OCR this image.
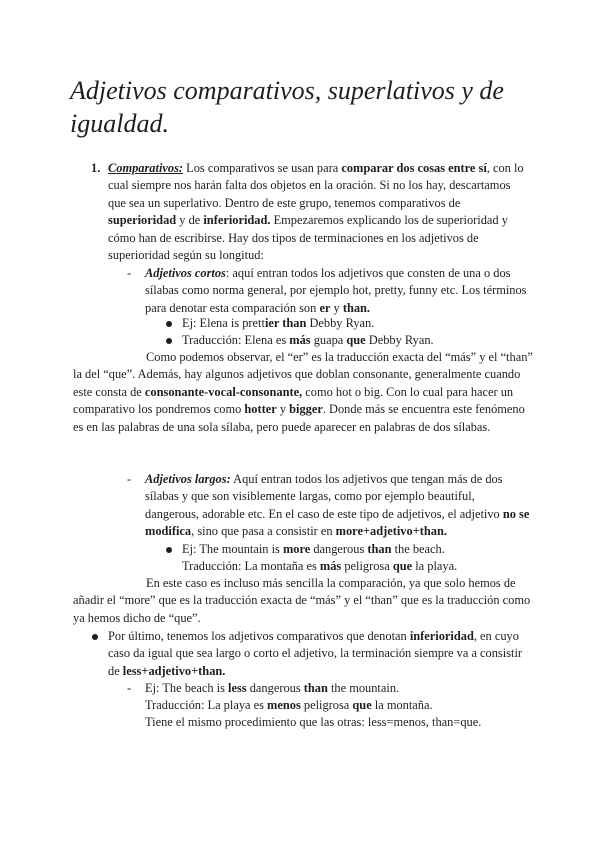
Adjetivos comparativos, superlativos y de igualdad.
1. Comparativos: Los comparativos se usan para comparar dos cosas entre sí, con lo cual siempre nos harán falta dos objetos en la oración. Si no los hay, descartamos que sea un superlativo. Dentro de este grupo, tenemos comparativos de superioridad y de inferioridad. Empezaremos explicando los de superioridad y cómo han de escribirse. Hay dos tipos de terminaciones en los adjetivos de superioridad según su longitud:

- Adjetivos cortos: aquí entran todos los adjetivos que consten de una o dos sílabas como norma general, por ejemplo hot, pretty, funny etc. Los términos para denotar esta comparación son er y than.

Ej: Elena is prettier than Debby Ryan.

Traducción: Elena es más guapa que Debby Ryan.

Como podemos observar, el “er” es la traducción exacta del “más” y el “than” la del “que”. Además, hay algunos adjetivos que doblan consonante, generalmente cuando este consta de consonante-vocal-consonante, como hot o big. Con lo cual para hacer un comparativo los pondremos como hotter y bigger. Donde más se encuentra este fenómeno es en las palabras de una sola sílaba, pero puede aparecer en palabras de dos sílabas.

- Adjetivos largos: Aquí entran todos los adjetivos que tengan más de dos sílabas y que son visiblemente largas, como por ejemplo beautiful, dangerous, adorable etc. En el caso de este tipo de adjetivos, el adjetivo no se modifica, sino que pasa a consistir en more+adjetivo+than.

Ej: The mountain is more dangerous than the beach.

Traducción: La montaña es más peligrosa que la playa.

En este caso es incluso más sencilla la comparación, ya que solo hemos de añadir el “more” que es la traducción exacta de “más” y el “than” que es la traducción como ya hemos dicho de “que”.

Por último, tenemos los adjetivos comparativos que denotan inferioridad, en cuyo caso da igual que sea largo o corto el adjetivo, la terminación siempre va a consistir de less+adjetivo+than.

- Ej: The beach is less dangerous than the mountain.

Traducción: La playa es menos peligrosa que la montaña.

Tiene el mismo procedimiento que las otras: less=menos, than=que.
